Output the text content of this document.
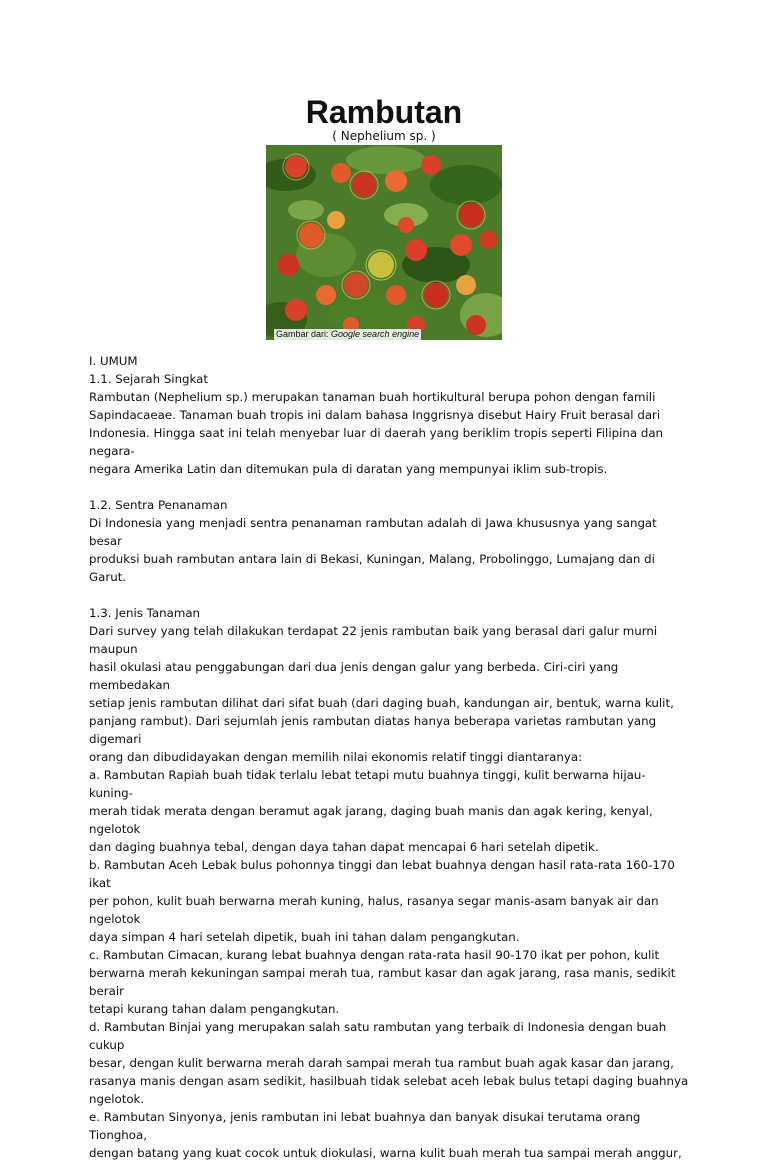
Rambutan
( Nephelium sp. )
Gambar dari: Google search engine

I. UMUM

1.1. Sejarah Singkat

Rambutan (Nephelium sp.) merupakan tanaman buah hortikultural berupa pohon dengan famili

Sapindacaeae. Tanaman buah tropis ini dalam bahasa Inggrisnya disebut Hairy Fruit berasal dari

Indonesia. Hingga saat ini telah menyebar luar di daerah yang beriklim tropis seperti Filipina dan negara-

negara Amerika Latin dan ditemukan pula di daratan yang mempunyai iklim sub-tropis.

1.2. Sentra Penanaman

Di Indonesia yang menjadi sentra penanaman rambutan adalah di Jawa khususnya yang sangat besar

produksi buah rambutan antara lain di Bekasi, Kuningan, Malang, Probolinggo, Lumajang dan di Garut.

1.3. Jenis Tanaman

Dari survey yang telah dilakukan terdapat 22 jenis rambutan baik yang berasal dari galur murni maupun

hasil okulasi atau penggabungan dari dua jenis dengan galur yang berbeda. Ciri-ciri yang membedakan

setiap jenis rambutan dilihat dari sifat buah (dari daging buah, kandungan air, bentuk, warna kulit,

panjang rambut). Dari sejumlah jenis rambutan diatas hanya beberapa varietas rambutan yang digemari

orang dan dibudidayakan dengan memilih nilai ekonomis relatif tinggi diantaranya:

a. Rambutan Rapiah buah tidak terlalu lebat tetapi mutu buahnya tinggi, kulit berwarna hijau-kuning-

merah tidak merata dengan beramut agak jarang, daging buah manis dan agak kering, kenyal, ngelotok

dan daging buahnya tebal, dengan daya tahan dapat mencapai 6 hari setelah dipetik.

b. Rambutan Aceh Lebak bulus pohonnya tinggi dan lebat buahnya dengan hasil rata-rata 160-170 ikat

per pohon, kulit buah berwarna merah kuning, halus, rasanya segar manis-asam banyak air dan ngelotok

daya simpan 4 hari setelah dipetik, buah ini tahan dalam pengangkutan.

c. Rambutan Cimacan, kurang lebat buahnya dengan rata-rata hasil 90-170 ikat per pohon, kulit

berwarna merah kekuningan sampai merah tua, rambut kasar dan agak jarang, rasa manis, sedikit berair

tetapi kurang tahan dalam pengangkutan.

d. Rambutan Binjai yang merupakan salah satu rambutan yang terbaik di Indonesia dengan buah cukup

besar, dengan kulit berwarna merah darah sampai merah tua rambut buah agak kasar dan jarang,

rasanya manis dengan asam sedikit, hasilbuah tidak selebat aceh lebak bulus tetapi daging buahnya

ngelotok.

e. Rambutan Sinyonya, jenis rambutan ini lebat buahnya dan banyak disukai terutama orang Tionghoa,

dengan batang yang kuat cocok untuk diokulasi, warna kulit buah merah tua sampai merah anggur,
